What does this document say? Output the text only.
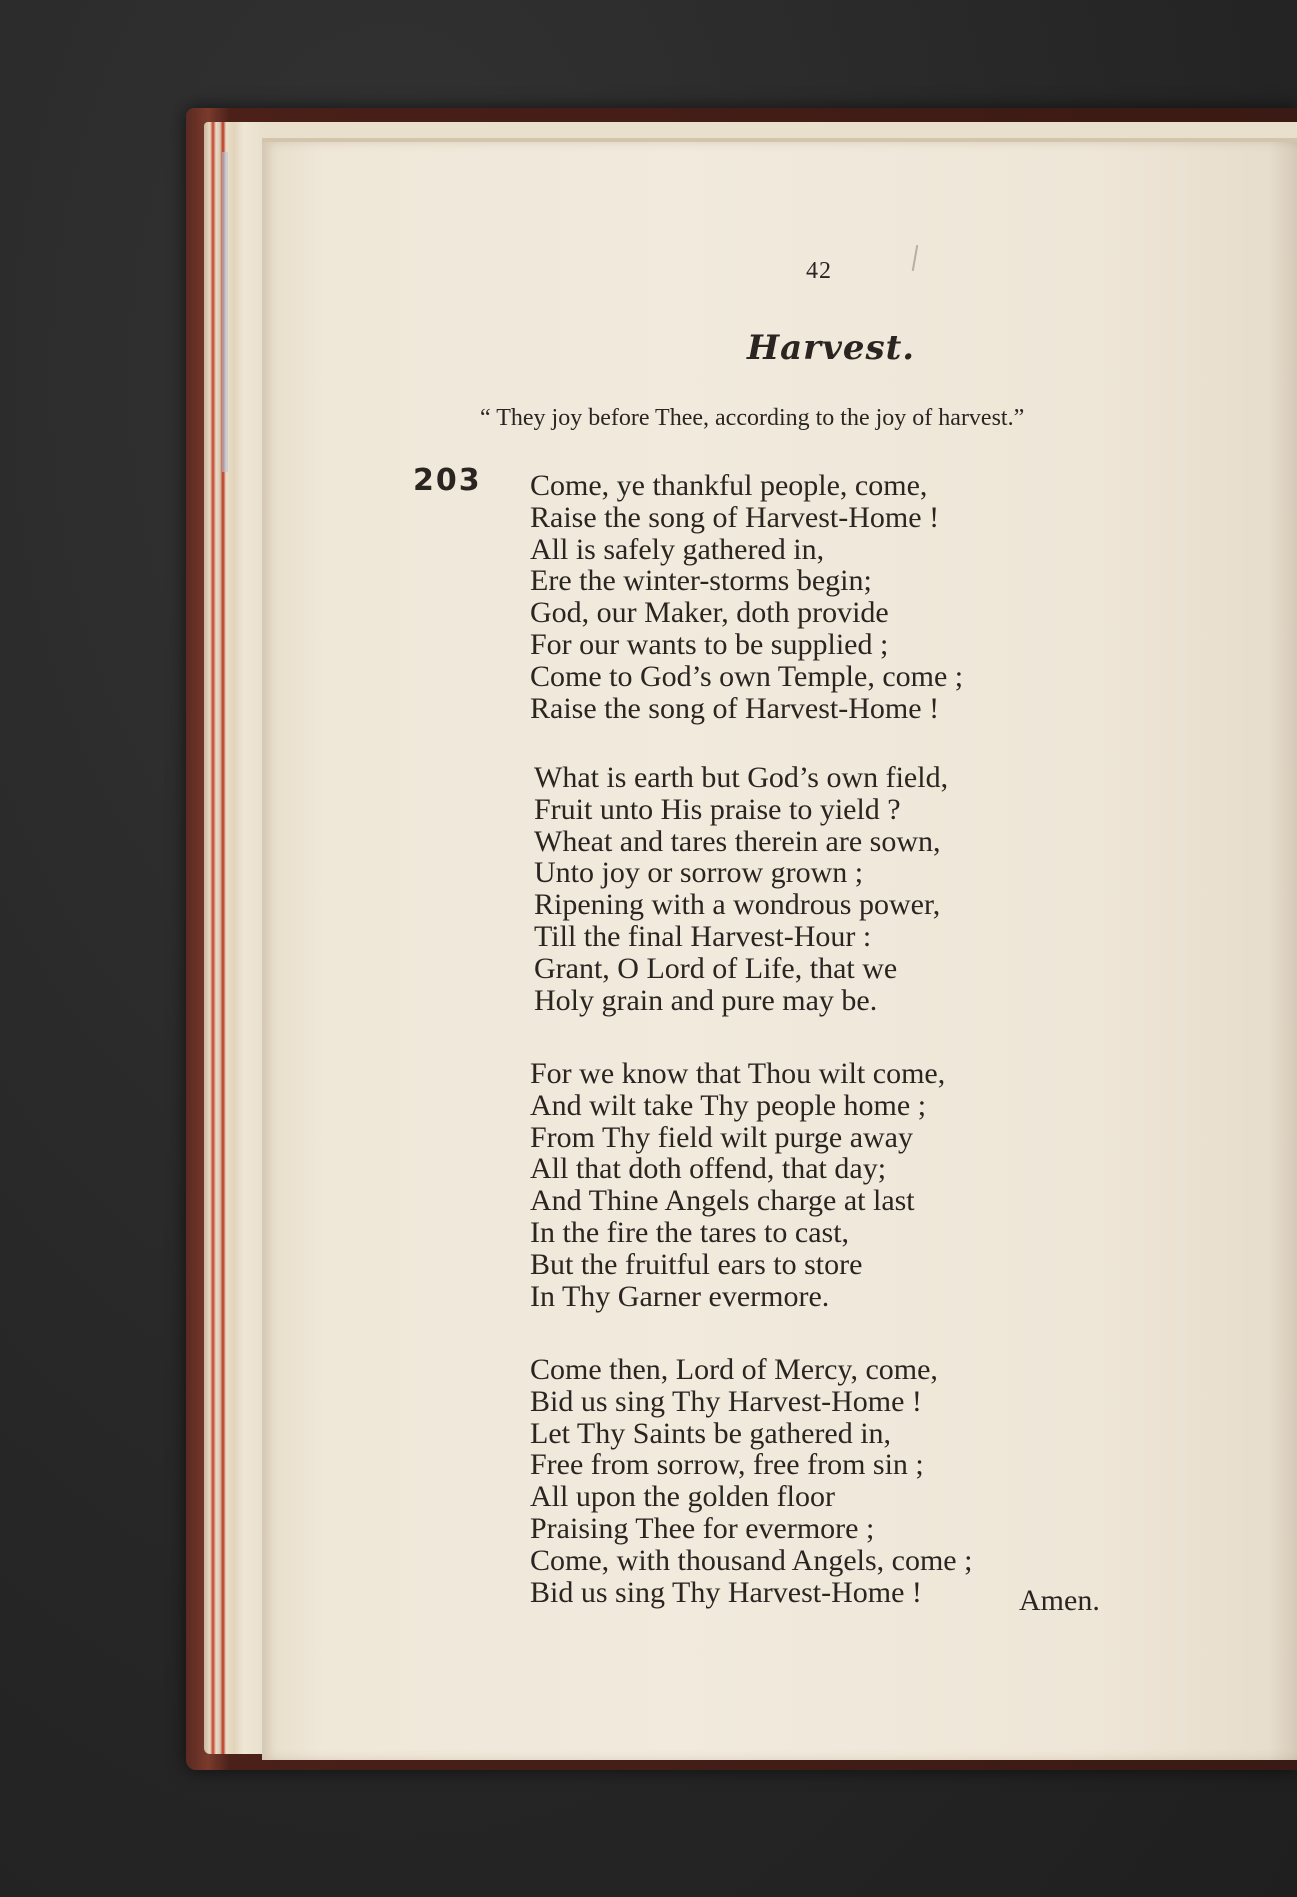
42
Harvest.
“ They joy before Thee, according to the joy of harvest.”
203 Come, ye thankful people, come,
Raise the song of Harvest-Home !
All is safely gathered in,
Ere the winter-storms begin;
God, our Maker, doth provide
For our wants to be supplied ;
Come to God’s own Temple, come ;
Raise the song of Harvest-Home !
What is earth but God’s own field,
Fruit unto His praise to yield ?
Wheat and tares therein are sown,
Unto joy or sorrow grown ;
Ripening with a wondrous power,
Till the final Harvest-Hour :
Grant, O Lord of Life, that we
Holy grain and pure may be.
For we know that Thou wilt come,
And wilt take Thy people home ;
From Thy field wilt purge away
All that doth offend, that day;
And Thine Angels charge at last
In the fire the tares to cast,
But the fruitful ears to store
In Thy Garner evermore.
Come then, Lord of Mercy, come,
Bid us sing Thy Harvest-Home !
Let Thy Saints be gathered in,
Free from sorrow, free from sin ;
All upon the golden floor
Praising Thee for evermore ;
Come, with thousand Angels, come ;
Bid us sing Thy Harvest-Home !	Amen.
